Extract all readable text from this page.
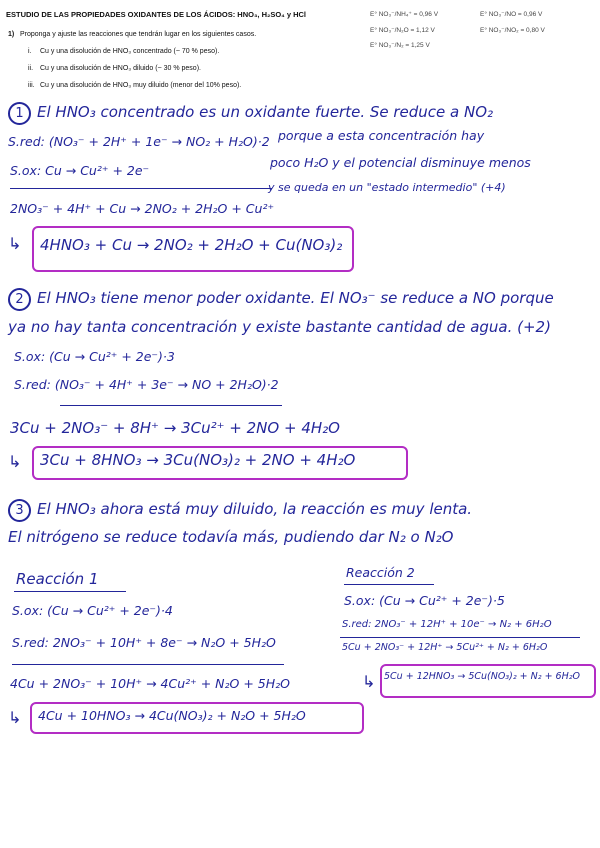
ESTUDIO DE LAS PROPIEDADES OXIDANTES DE LOS ÁCIDOS: HNO₃, H₂SO₄ y HCl	E° NO₃⁻/NH₄⁺ = 0,96 V	E° NO₃⁻/NO = 0,96 V
E° NO₃⁻/N₂O = 1,12 V	E° NO₃⁻/NO₂ = 0,80 V
E° NO₃⁻/N₂ = 1,25 V
1) Proponga y ajuste las reacciones que tendrán lugar en los siguientes casos.
i. Cu y una disolución de HNO₃ concentrado (~ 70 % peso).
ii. Cu y una disolución de HNO₃ diluido (~ 30 % peso).
iii. Cu y una disolución de HNO₃ muy diluido (menor del 10% peso).
1 El HNO₃ concentrado es un oxidante fuerte. Se reduce a NO₂
S.red: (NO₃⁻ + 2H⁺ + 1e⁻ → NO₂ + H₂O)·2 porque a esta concentración hay
S.ox: Cu → Cu²⁺ + 2e⁻
poco H₂O y el potencial disminuye menos
y se queda en un "estado intermedio" (+4)
2NO₃⁻ + 4H⁺ + Cu → 2NO₂ + 2H₂O + Cu²⁺
↳ 4HNO₃ + Cu → 2NO₂ + 2H₂O + Cu(NO₃)₂
2 El HNO₃ tiene menor poder oxidante. El NO₃⁻ se reduce a NO porque
ya no hay tanta concentración y existe bastante cantidad de agua. (+2)
S.ox: (Cu → Cu²⁺ + 2e⁻)·3
S.red: (NO₃⁻ + 4H⁺ + 3e⁻ → NO + 2H₂O)·2
3Cu + 2NO₃⁻ + 8H⁺ → 3Cu²⁺ + 2NO + 4H₂O
↳ 3Cu + 8HNO₃ → 3Cu(NO₃)₂ + 2NO + 4H₂O
3 El HNO₃ ahora está muy diluido, la reacción es muy lenta.
El nitrógeno se reduce todavía más, pudiendo dar N₂ o N₂O
Reacción 1
S.ox: (Cu → Cu²⁺ + 2e⁻)·4
S.red: 2NO₃⁻ + 10H⁺ + 8e⁻ → N₂O + 5H₂O
4Cu + 2NO₃⁻ + 10H⁺ → 4Cu²⁺ + N₂O + 5H₂O
↳ 4Cu + 10HNO₃ → 4Cu(NO₃)₂ + N₂O + 5H₂O
Reacción 2
S.ox: (Cu → Cu²⁺ + 2e⁻)·5
S.red: 2NO₃⁻ + 12H⁺ + 10e⁻ → N₂ + 6H₂O
5Cu + 2NO₃⁻ + 12H⁺ → 5Cu²⁺ + N₂ + 6H₂O
↳ 5Cu + 12HNO₃ → 5Cu(NO₃)₂ + N₂ + 6H₂O
